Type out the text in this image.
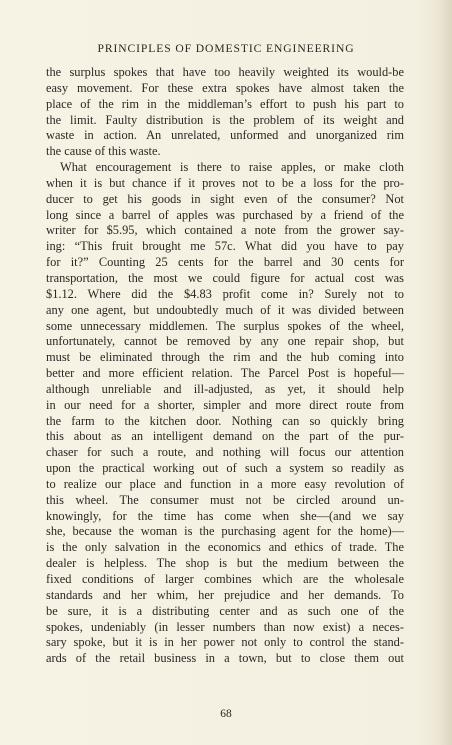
PRINCIPLES OF DOMESTIC ENGINEERING
the surplus spokes that have too heavily weighted its would-be
easy movement. For these extra spokes have almost taken the
place of the rim in the middleman’s effort to push his part to
the limit. Faulty distribution is the problem of its weight and
waste in action. An unrelated, unformed and unorganized rim
the cause of this waste.
What encouragement is there to raise apples, or make cloth
when it is but chance if it proves not to be a loss for the pro-
ducer to get his goods in sight even of the consumer? Not
long since a barrel of apples was purchased by a friend of the
writer for $5.95, which contained a note from the grower say-
ing: “This fruit brought me 57c. What did you have to pay
for it?” Counting 25 cents for the barrel and 30 cents for
transportation, the most we could figure for actual cost was
$1.12. Where did the $4.83 profit come in? Surely not to
any one agent, but undoubtedly much of it was divided between
some unnecessary middlemen. The surplus spokes of the wheel,
unfortunately, cannot be removed by any one repair shop, but
must be eliminated through the rim and the hub coming into
better and more efficient relation. The Parcel Post is hopeful—
although unreliable and ill-adjusted, as yet, it should help
in our need for a shorter, simpler and more direct route from
the farm to the kitchen door. Nothing can so quickly bring
this about as an intelligent demand on the part of the pur-
chaser for such a route, and nothing will focus our attention
upon the practical working out of such a system so readily as
to realize our place and function in a more easy revolution of
this wheel. The consumer must not be circled around un-
knowingly, for the time has come when she—(and we say
she, because the woman is the purchasing agent for the home)—
is the only salvation in the economics and ethics of trade. The
dealer is helpless. The shop is but the medium between the
fixed conditions of larger combines which are the wholesale
standards and her whim, her prejudice and her demands. To
be sure, it is a distributing center and as such one of the
spokes, undeniably (in lesser numbers than now exist) a neces-
sary spoke, but it is in her power not only to control the stand-
ards of the retail business in a town, but to close them out
68
